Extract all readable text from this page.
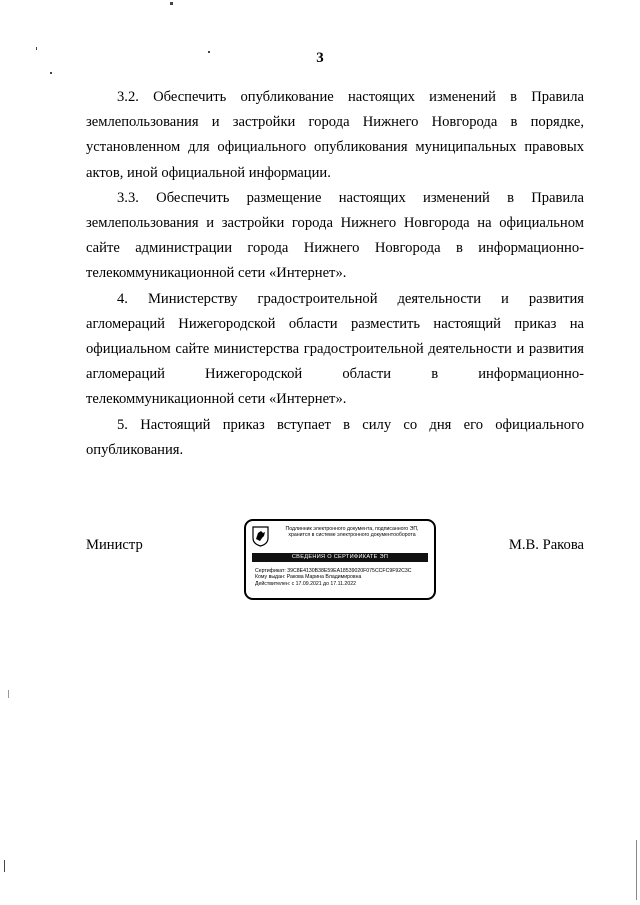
3

3.2. Обеспечить опубликование настоящих изменений в Правила землепользования и застройки города Нижнего Новгорода в порядке, установленном для официального опубликования муниципальных правовых актов, иной официальной информации.

3.3. Обеспечить размещение настоящих изменений в Правила землепользования и застройки города Нижнего Новгорода на официальном сайте администрации города Нижнего Новгорода в информационно-телекоммуникационной сети «Интернет».

4. Министерству градостроительной деятельности и развития агломераций Нижегородской области разместить настоящий приказ на официальном сайте министерства градостроительной деятельности и развития агломераций Нижегородской области в информационно-телекоммуникационной сети «Интернет».

5. Настоящий приказ вступает в силу со дня его официального опубликования.

Министр	М.В. Ракова
Подлинник электронного документа, подписанного ЭП,
хранится в системе электронного документооборота
СВЕДЕНИЯ О СЕРТИФИКАТЕ ЭП
Сертификат: 39C8E4130B38E59EA18539020F075CCFC9F92C3C
Кому выдан: Ракова Марина Владимировна
Действителен: с 17.09.2021 до 17.11.2022
